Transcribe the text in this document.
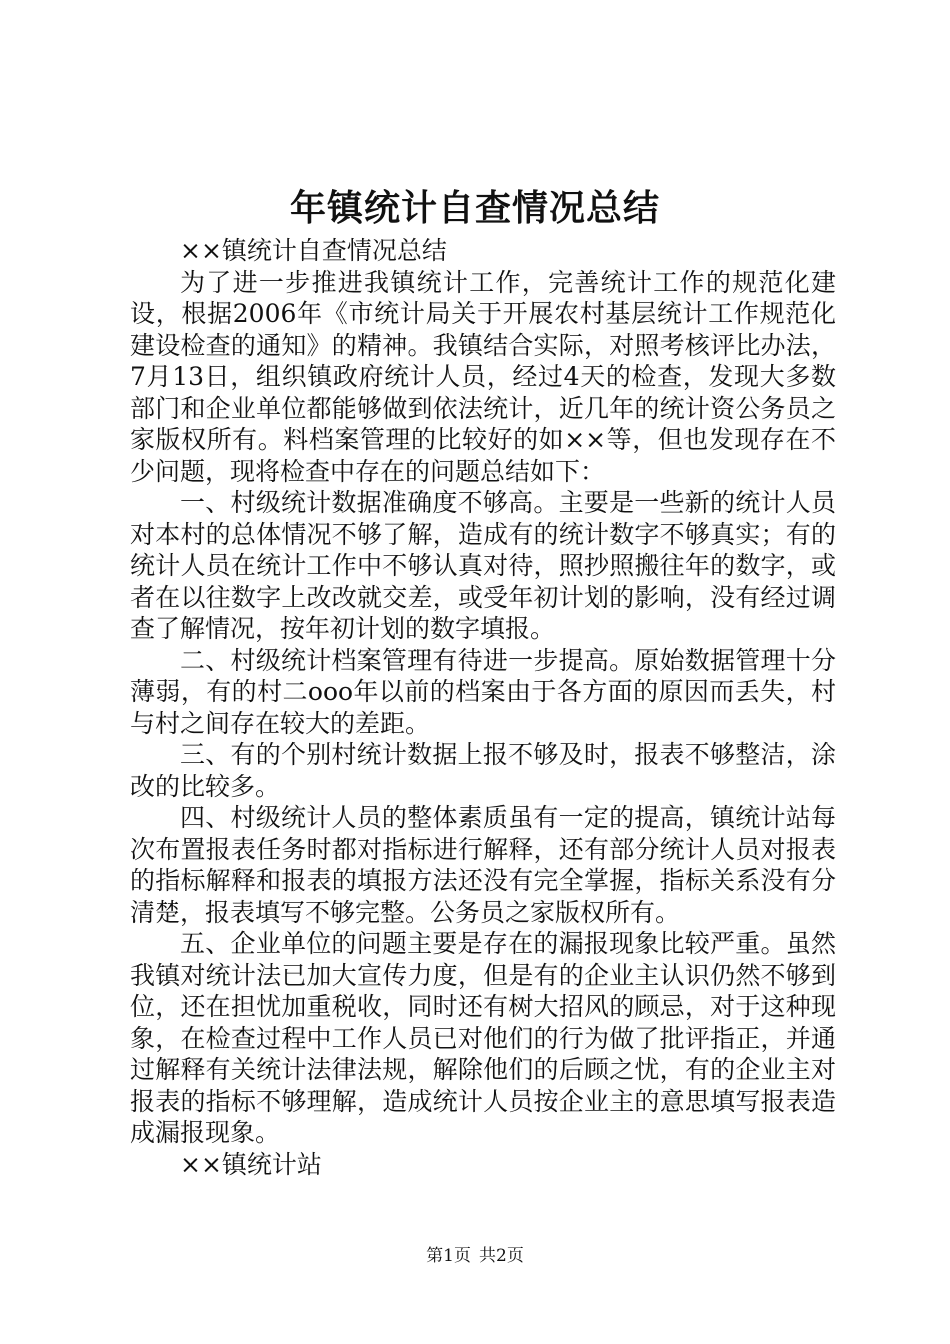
年镇统计自查情况总结

××镇统计自查情况总结

为了进一步推进我镇统计工作，完善统计工作的规范化建设，根据2006年《市统计局关于开展农村基层统计工作规范化建设检查的通知》的精神。我镇结合实际，对照考核评比办法，7月13日，组织镇政府统计人员，经过4天的检查，发现大多数部门和企业单位都能够做到依法统计，近几年的统计资公务员之家版权所有。料档案管理的比较好的如××等，但也发现存在不少问题，现将检查中存在的问题总结如下：

一、村级统计数据准确度不够高。主要是一些新的统计人员对本村的总体情况不够了解，造成有的统计数字不够真实；有的统计人员在统计工作中不够认真对待，照抄照搬往年的数字，或者在以往数字上改改就交差，或受年初计划的影响，没有经过调查了解情况，按年初计划的数字填报。

二、村级统计档案管理有待进一步提高。原始数据管理十分薄弱，有的村二ooo年以前的档案由于各方面的原因而丢失，村与村之间存在较大的差距。

三、有的个别村统计数据上报不够及时，报表不够整洁，涂改的比较多。

四、村级统计人员的整体素质虽有一定的提高，镇统计站每次布置报表任务时都对指标进行解释，还有部分统计人员对报表的指标解释和报表的填报方法还没有完全掌握，指标关系没有分清楚，报表填写不够完整。公务员之家版权所有。

五、企业单位的问题主要是存在的漏报现象比较严重。虽然我镇对统计法已加大宣传力度，但是有的企业主认识仍然不够到位，还在担忧加重税收，同时还有树大招风的顾忌，对于这种现象，在检查过程中工作人员已对他们的行为做了批评指正，并通过解释有关统计法律法规，解除他们的后顾之忧，有的企业主对报表的指标不够理解，造成统计人员按企业主的意思填写报表造成漏报现象。

××镇统计站

第1页 共2页
